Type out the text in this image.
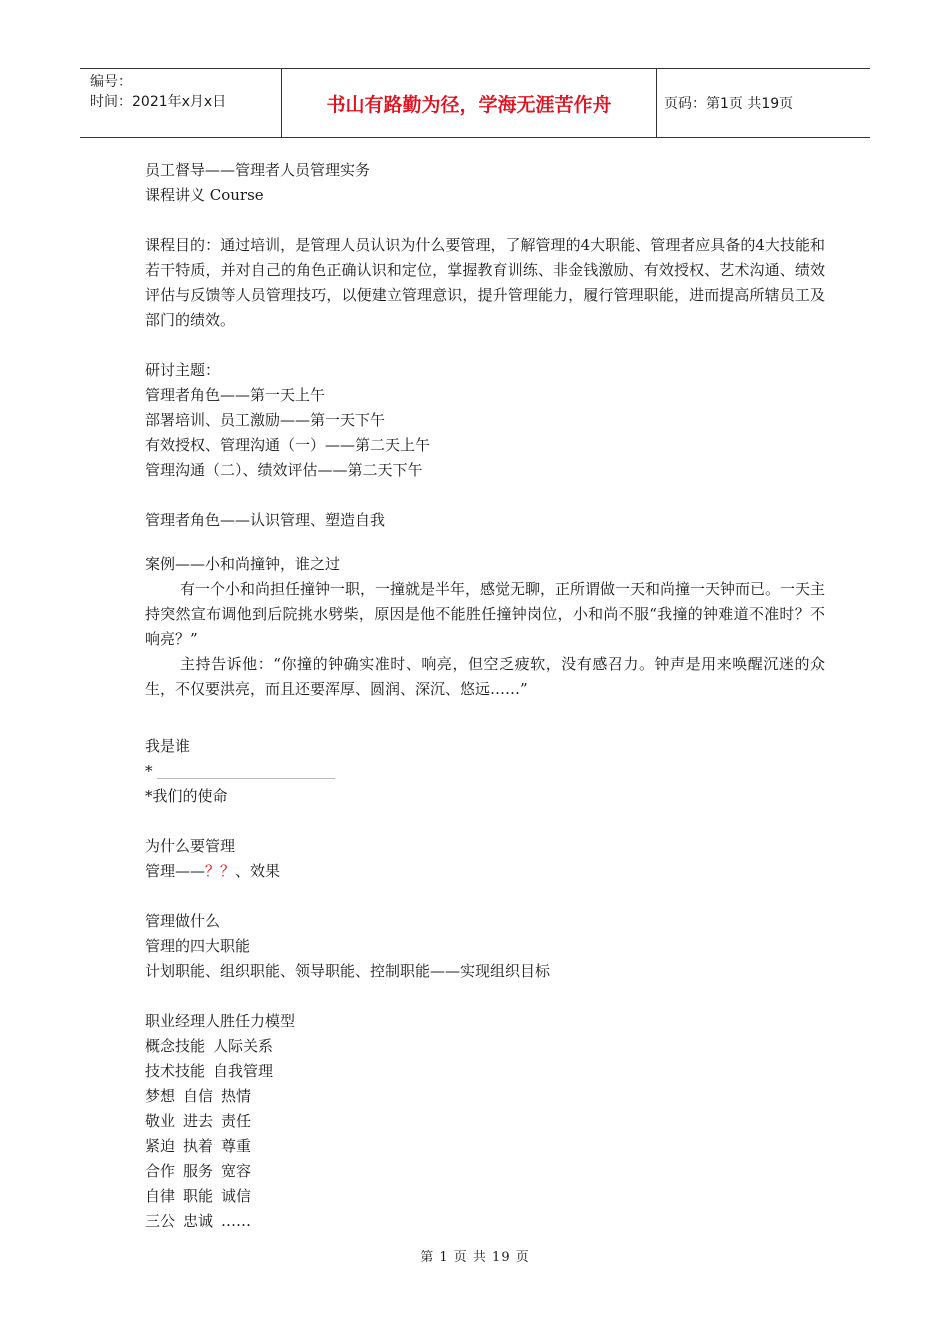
编号：
时间：2021年x月x日	书山有路勤为径，学海无涯苦作舟	页码：第1页 共19页
员工督导——管理者人员管理实务
课程讲义 Course
课程目的：通过培训，是管理人员认识为什么要管理，了解管理的4大职能、管理者应具备的4大技能和若干特质，并对自己的角色正确认识和定位，掌握教育训练、非金钱激励、有效授权、艺术沟通、绩效评估与反馈等人员管理技巧，以便建立管理意识，提升管理能力，履行管理职能，进而提高所辖员工及部门的绩效。
研讨主题：
管理者角色——第一天上午
部署培训、员工激励——第一天下午
有效授权、管理沟通（一）——第二天上午
管理沟通（二）、绩效评估——第二天下午
管理者角色——认识管理、塑造自我
案例——小和尚撞钟，谁之过
有一个小和尚担任撞钟一职，一撞就是半年，感觉无聊，正所谓做一天和尚撞一天钟而已。一天主持突然宣布调他到后院挑水劈柴，原因是他不能胜任撞钟岗位，小和尚不服“我撞的钟难道不准时？不响亮？”
主持告诉他：“你撞的钟确实准时、响亮，但空乏疲软，没有感召力。钟声是用来唤醒沉迷的众生，不仅要洪亮，而且还要浑厚、圆润、深沉、悠远……”
我是谁
*
*我们的使命
为什么要管理
管理——？？、效果
管理做什么
管理的四大职能
计划职能、组织职能、领导职能、控制职能——实现组织目标
职业经理人胜任力模型
概念技能 人际关系
技术技能 自我管理
梦想 自信 热情
敬业 进去 责任
紧迫 执着 尊重
合作 服务 宽容
自律 职能 诚信
三公 忠诚 ……
第 1 页 共 19 页
